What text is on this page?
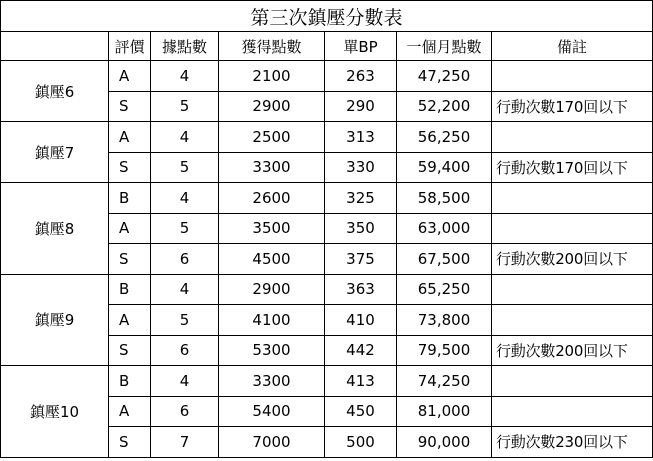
第三次鎮壓分數表						
	評價	據點數	獲得點數	單BP	一個月點數	備註
鎮壓6	A	4	2100	263	47,250	
	S	5	2900	290	52,200	行動次數170回以下
鎮壓7	A	4	2500	313	56,250	
	S	5	3300	330	59,400	行動次數170回以下
鎮壓8	B	4	2600	325	58,500	
	A	5	3500	350	63,000	
	S	6	4500	375	67,500	行動次數200回以下
鎮壓9	B	4	2900	363	65,250	
	A	5	4100	410	73,800	
	S	6	5300	442	79,500	行動次數200回以下
鎮壓10	B	4	3300	413	74,250	
	A	6	5400	450	81,000	
	S	7	7000	500	90,000	行動次數230回以下
